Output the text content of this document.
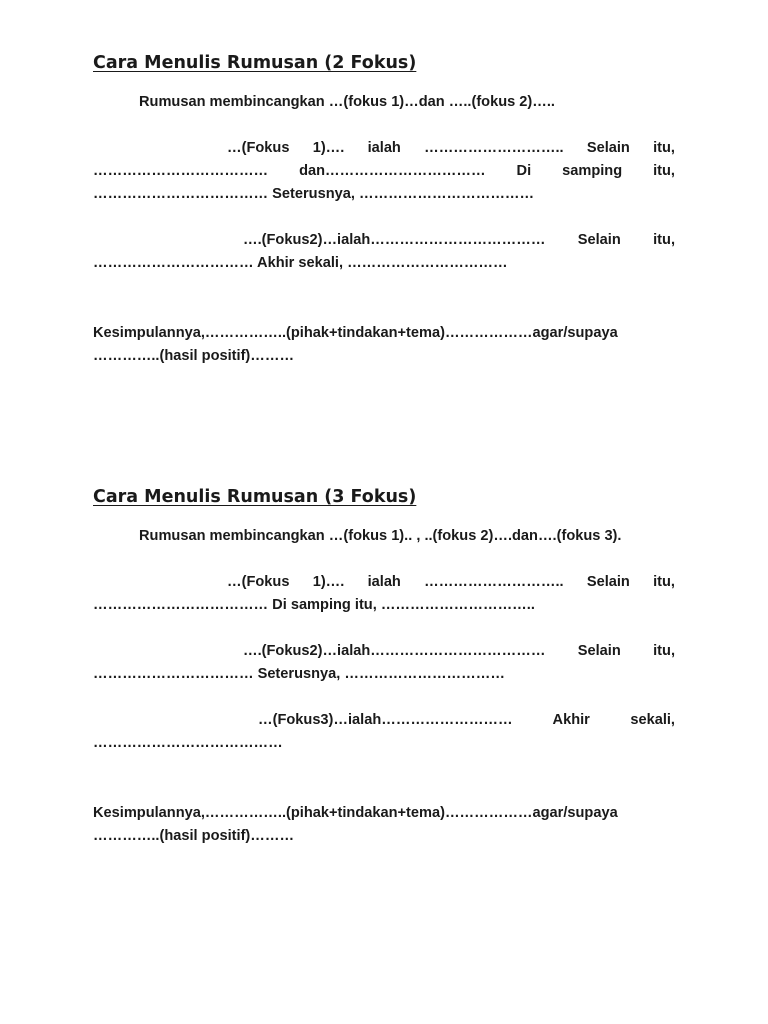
Cara Menulis Rumusan (2 Fokus)

Rumusan membincangkan …(fokus 1)…dan …..(fokus 2)…..

…(Fokus 1)…. ialah ……………………….. Selain itu, ……………………………… dan…………………………… Di samping itu, ……………………………… Seterusnya, ………………………………

….(Fokus2)…ialah……………………………… Selain itu, …………………………… Akhir sekali, ……………………………

Kesimpulannya,……………..(pihak+tindakan+tema)………………agar/supaya …………..(hasil positif)………

Cara Menulis Rumusan (3 Fokus)

Rumusan membincangkan …(fokus 1).. , ..(fokus 2)….dan….(fokus 3).

…(Fokus 1)…. ialah ……………………….. Selain itu, ……………………………… Di samping itu, …………………………..

….(Fokus2)…ialah……………………………… Selain itu, …………………………… Seterusnya, ……………………………

…(Fokus3)…ialah……………………… Akhir sekali, …………………………………

Kesimpulannya,……………..(pihak+tindakan+tema)………………agar/supaya …………..(hasil positif)………
